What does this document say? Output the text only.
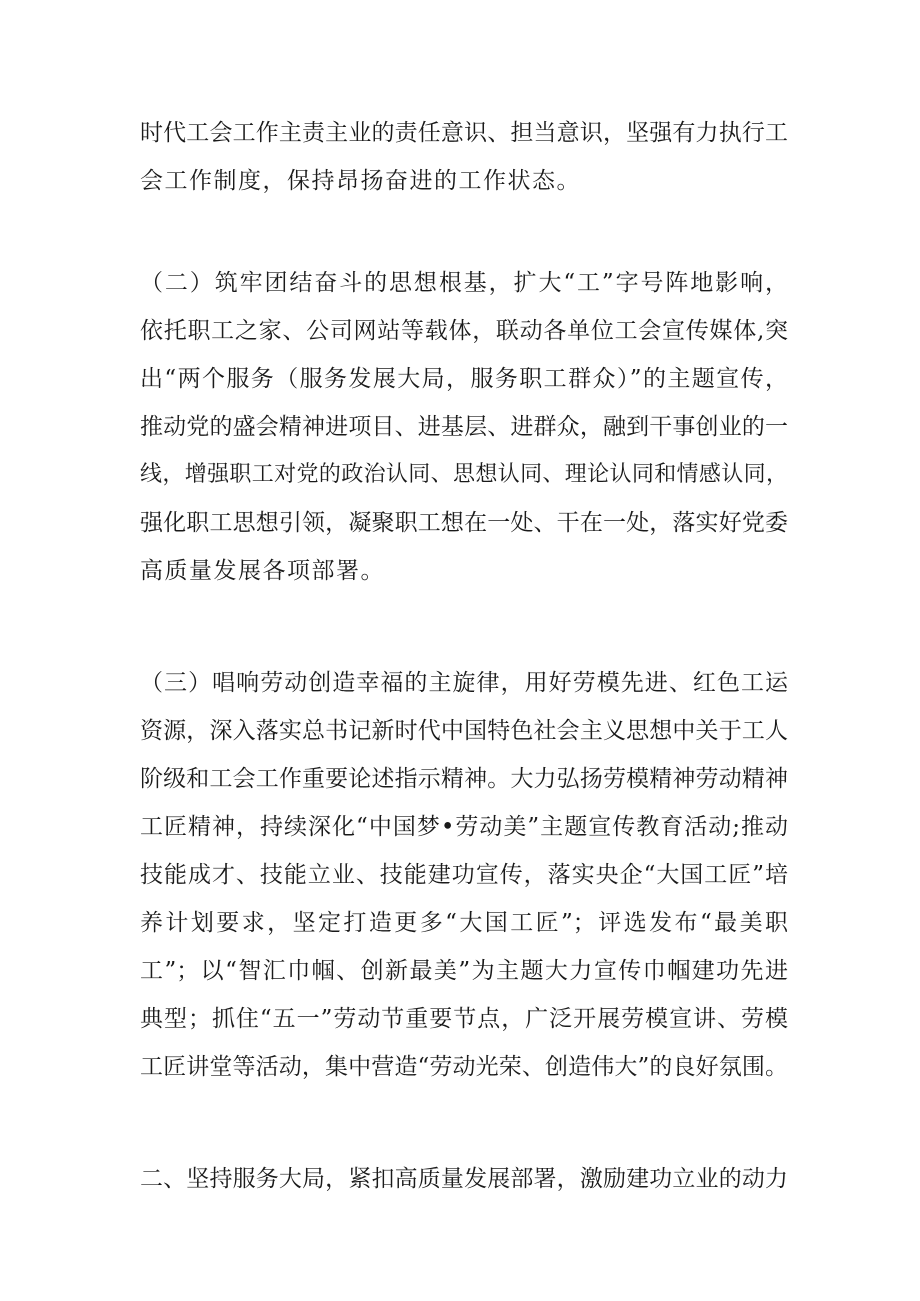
时代工会工作主责主业的责任意识、担当意识，坚强有力执行工
会工作制度，保持昂扬奋进的工作状态。
（二）筑牢团结奋斗的思想根基，扩大“工”字号阵地影响，
依托职工之家、公司网站等载体，联动各单位工会宣传媒体,突
出“两个服务（服务发展大局，服务职工群众）”的主题宣传，
推动党的盛会精神进项目、进基层、进群众，融到干事创业的一
线，增强职工对党的政治认同、思想认同、理论认同和情感认同，
强化职工思想引领，凝聚职工想在一处、干在一处，落实好党委
高质量发展各项部署。
（三）唱响劳动创造幸福的主旋律，用好劳模先进、红色工运
资源，深入落实总书记新时代中国特色社会主义思想中关于工人
阶级和工会工作重要论述指示精神。大力弘扬劳模精神劳动精神
工匠精神，持续深化“中国梦•劳动美”主题宣传教育活动;推动
技能成才、技能立业、技能建功宣传，落实央企“大国工匠”培
养计划要求，坚定打造更多“大国工匠”；评选发布“最美职
工”；以“智汇巾帼、创新最美”为主题大力宣传巾帼建功先进
典型；抓住“五一”劳动节重要节点，广泛开展劳模宣讲、劳模
工匠讲堂等活动，集中营造“劳动光荣、创造伟大”的良好氛围。
二、坚持服务大局，紧扣高质量发展部署，激励建功立业的动力
